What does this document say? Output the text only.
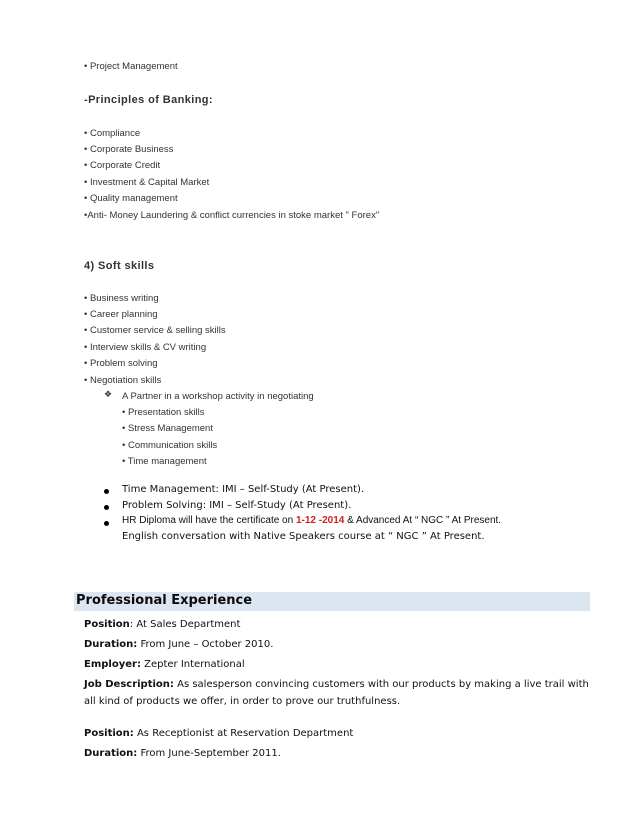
• Project Management
-Principles of Banking:
• Compliance
• Corporate Business
• Corporate Credit
• Investment & Capital Market
• Quality management
•Anti- Money Laundering & conflict currencies in stoke market " Forex"
4) Soft skills
• Business writing
• Career planning
• Customer service & selling skills
• Interview skills & CV writing
• Problem solving
• Negotiation skills
❖ A Partner in a workshop activity in negotiating
• Presentation skills
• Stress Management
• Communication skills
• Time management
Time Management: IMI – Self-Study (At Present).
Problem Solving: IMI – Self-Study (At Present).
HR Diploma will have the certificate on 1-12 -2014 & Advanced At “ NGC ” At Present.
English conversation with Native Speakers course at “ NGC ” At Present.
Professional Experience
Position: At Sales Department
Duration: From June – October 2010.
Employer: Zepter International
Job Description: As salesperson convincing customers with our products by making a live trail with all kind of products we offer, in order to prove our truthfulness.
Position: As Receptionist at Reservation Department
Duration: From June-September 2011.
